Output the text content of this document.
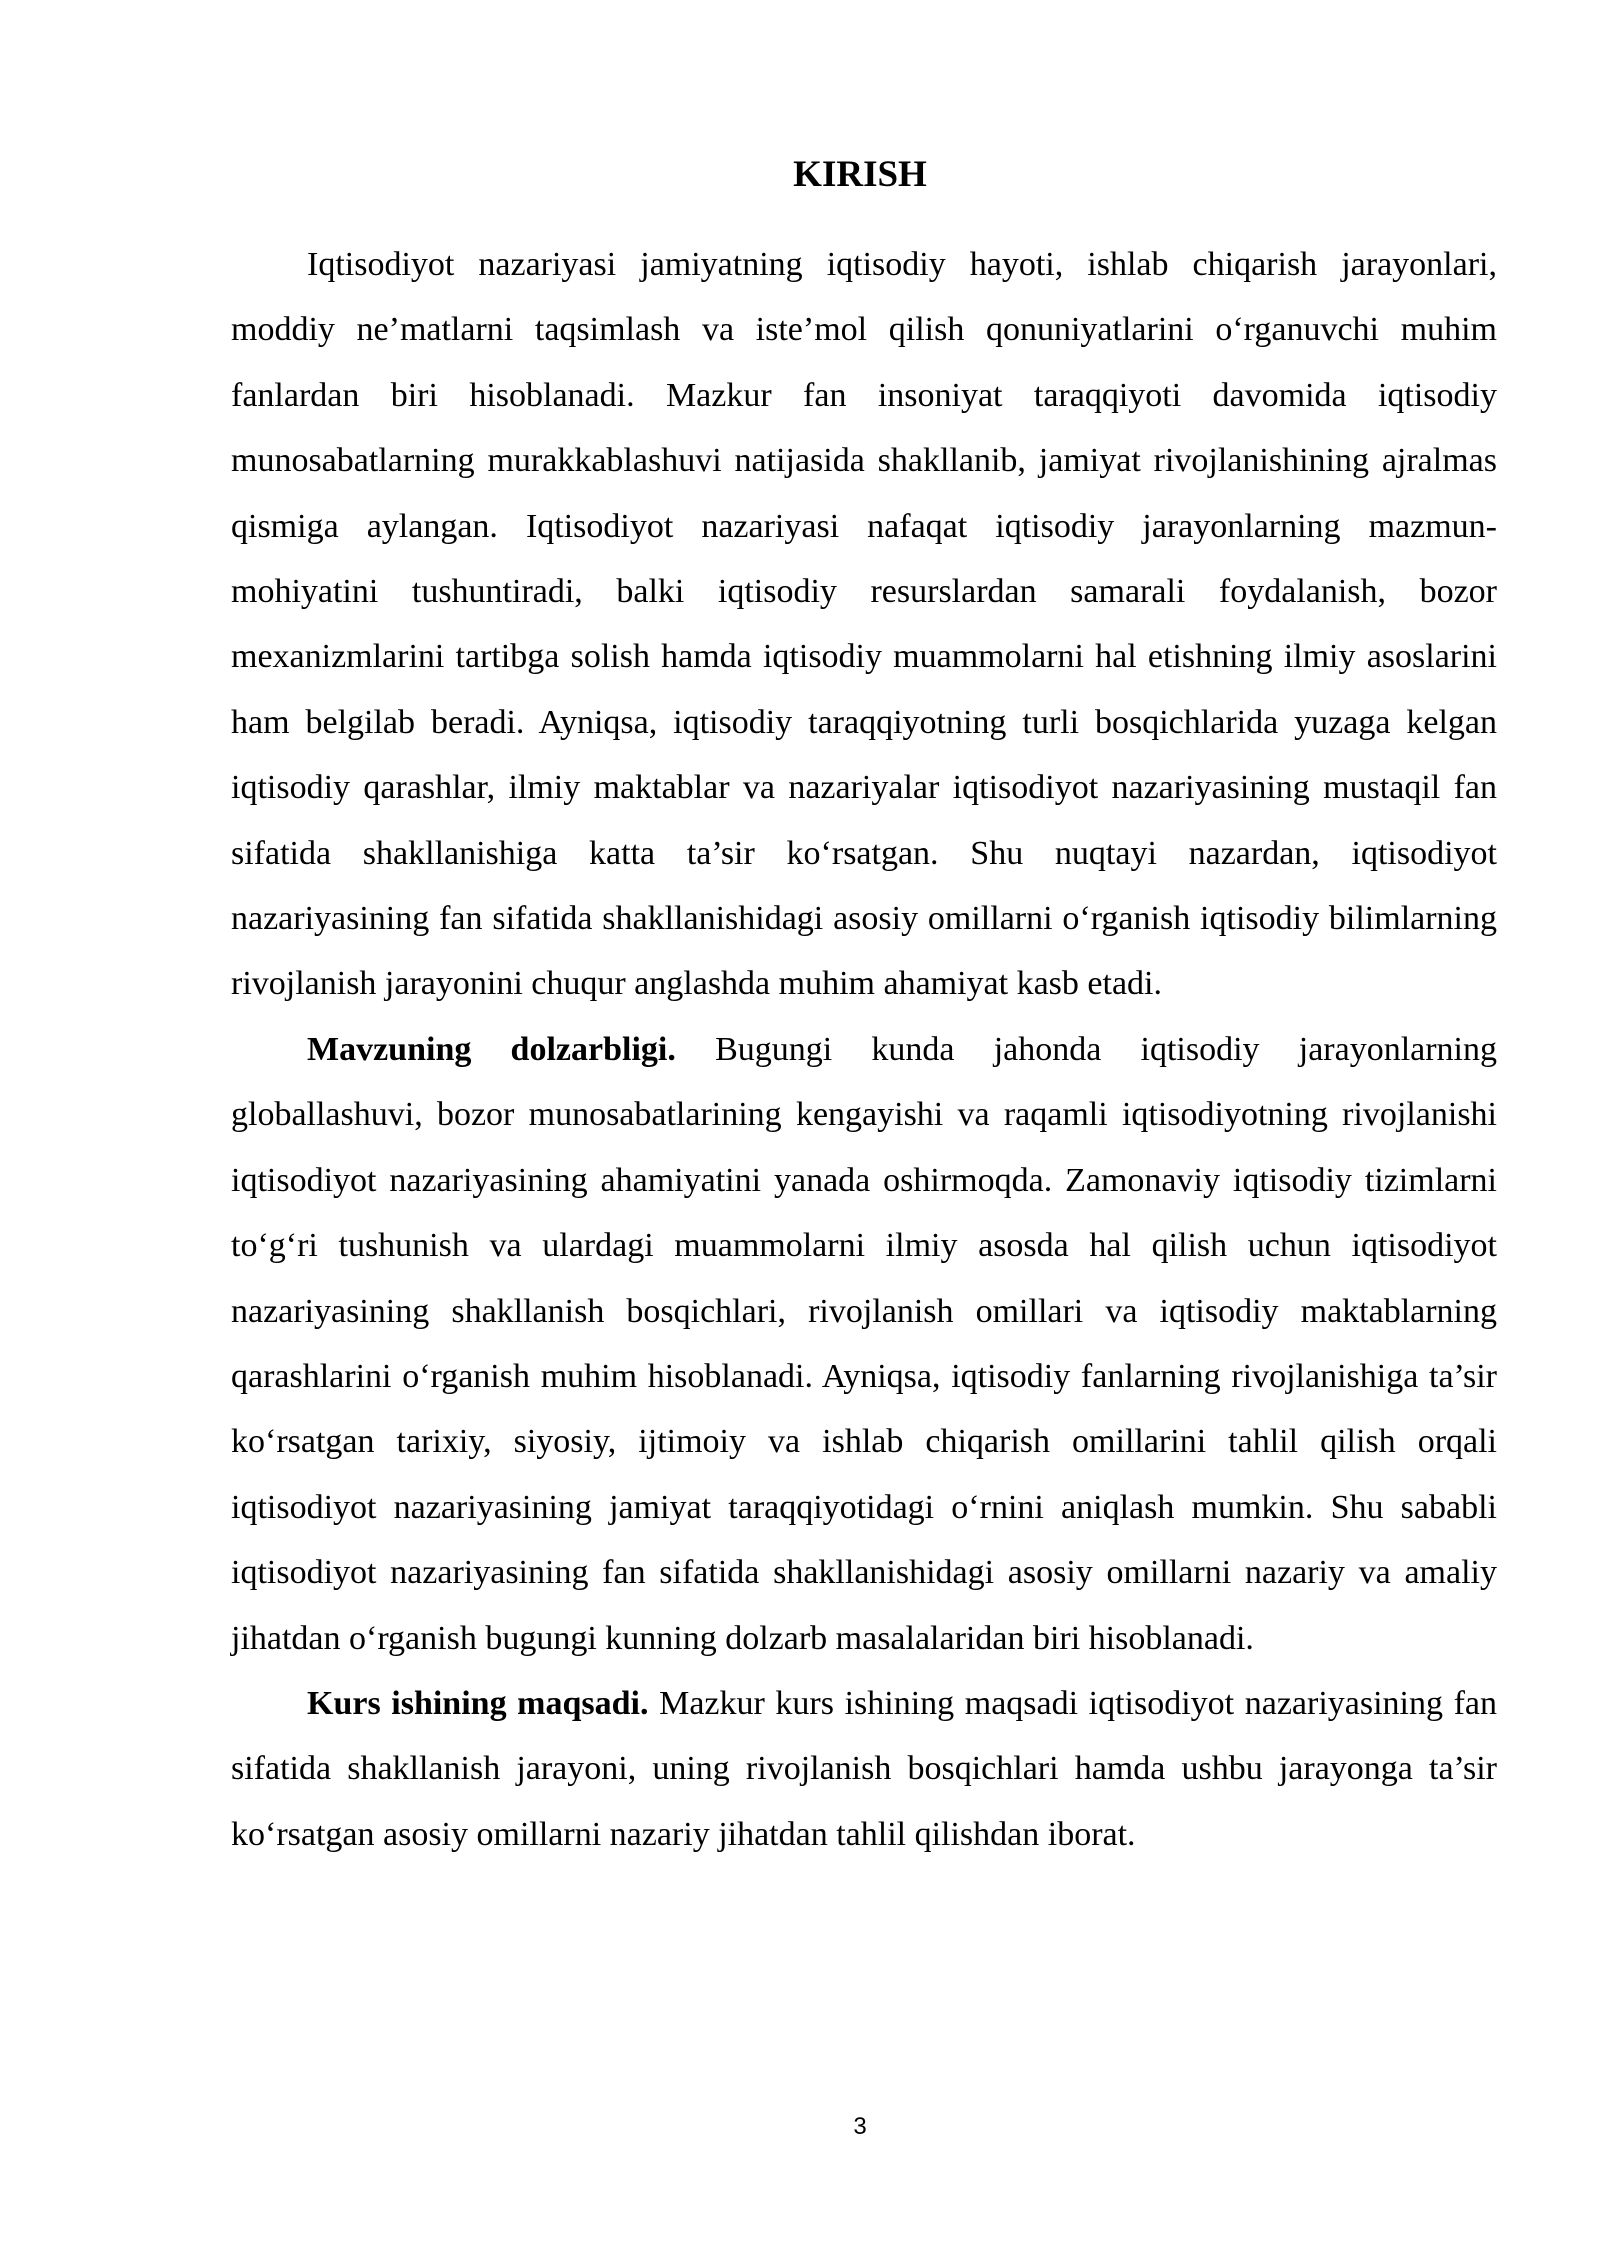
KIRISH

Iqtisodiyot nazariyasi jamiyatning iqtisodiy hayoti, ishlab chiqarish jarayonlari, moddiy ne’matlarni taqsimlash va iste’mol qilish qonuniyatlarini o‘rganuvchi muhim fanlardan biri hisoblanadi. Mazkur fan insoniyat taraqqiyoti davomida iqtisodiy munosabatlarning murakkablashuvi natijasida shakllanib, jamiyat rivojlanishining ajralmas qismiga aylangan. Iqtisodiyot nazariyasi nafaqat iqtisodiy jarayonlarning mazmun-mohiyatini tushuntiradi, balki iqtisodiy resurslardan samarali foydalanish, bozor mexanizmlarini tartibga solish hamda iqtisodiy muammolarni hal etishning ilmiy asoslarini ham belgilab beradi. Ayniqsa, iqtisodiy taraqqiyotning turli bosqichlarida yuzaga kelgan iqtisodiy qarashlar, ilmiy maktablar va nazariyalar iqtisodiyot nazariyasining mustaqil fan sifatida shakllanishiga katta ta’sir ko‘rsatgan. Shu nuqtayi nazardan, iqtisodiyot nazariyasining fan sifatida shakllanishidagi asosiy omillarni o‘rganish iqtisodiy bilimlarning rivojlanish jarayonini chuqur anglashda muhim ahamiyat kasb etadi.

Mavzuning dolzarbligi. Bugungi kunda jahonda iqtisodiy jarayonlarning globallashuvi, bozor munosabatlarining kengayishi va raqamli iqtisodiyotning rivojlanishi iqtisodiyot nazariyasining ahamiyatini yanada oshirmoqda. Zamonaviy iqtisodiy tizimlarni to‘g‘ri tushunish va ulardagi muammolarni ilmiy asosda hal qilish uchun iqtisodiyot nazariyasining shakllanish bosqichlari, rivojlanish omillari va iqtisodiy maktablarning qarashlarini o‘rganish muhim hisoblanadi. Ayniqsa, iqtisodiy fanlarning rivojlanishiga ta’sir ko‘rsatgan tarixiy, siyosiy, ijtimoiy va ishlab chiqarish omillarini tahlil qilish orqali iqtisodiyot nazariyasining jamiyat taraqqiyotidagi o‘rnini aniqlash mumkin. Shu sababli iqtisodiyot nazariyasining fan sifatida shakllanishidagi asosiy omillarni nazariy va amaliy jihatdan o‘rganish bugungi kunning dolzarb masalalaridan biri hisoblanadi.

Kurs ishining maqsadi. Mazkur kurs ishining maqsadi iqtisodiyot nazariyasining fan sifatida shakllanish jarayoni, uning rivojlanish bosqichlari hamda ushbu jarayonga ta’sir ko‘rsatgan asosiy omillarni nazariy jihatdan tahlil qilishdan iborat.

3
